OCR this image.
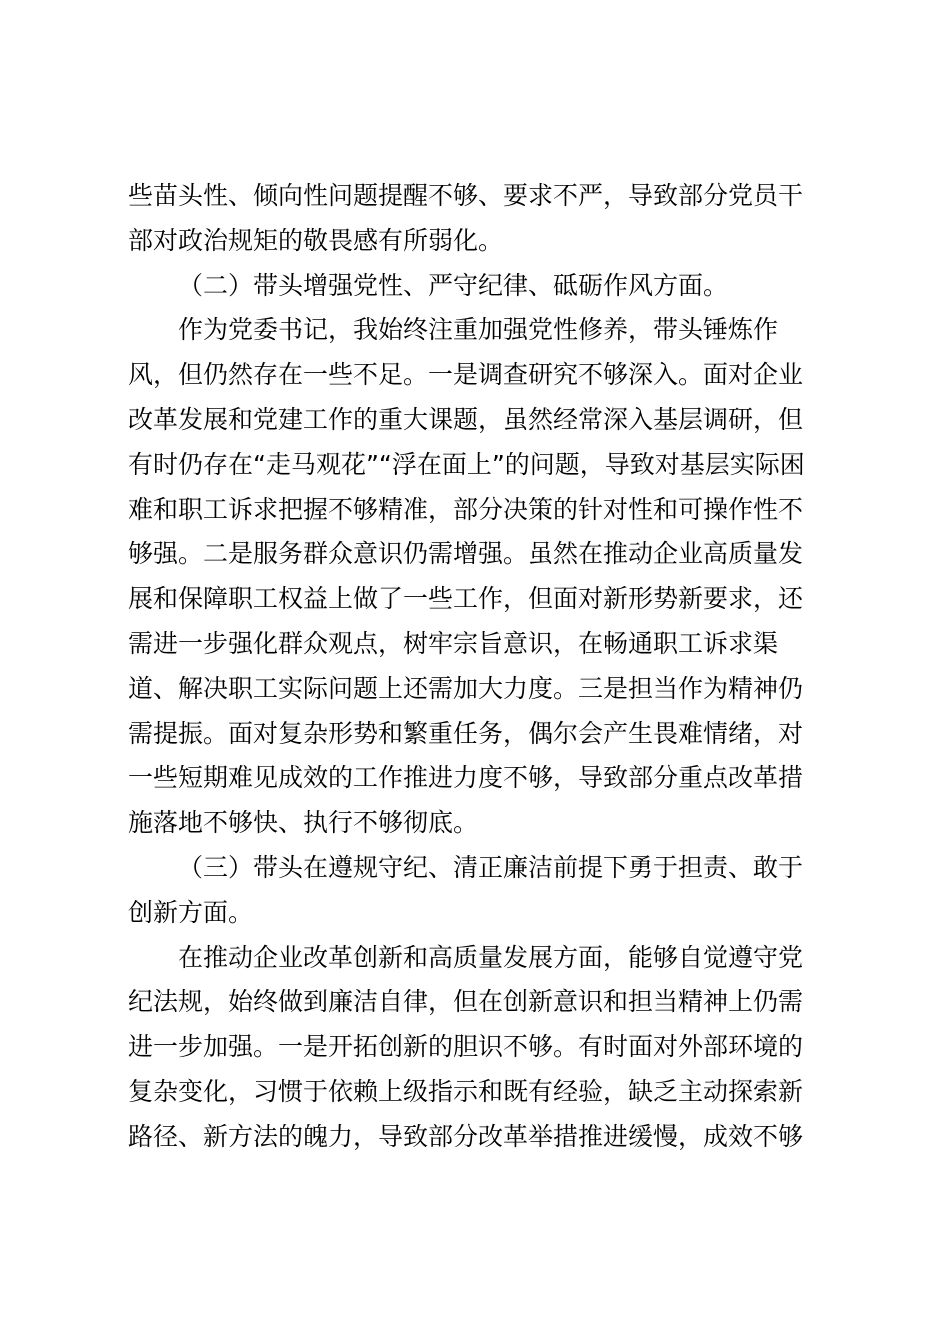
些苗头性、倾向性问题提醒不够、要求不严，导致部分党员干
部对政治规矩的敬畏感有所弱化。
（二）带头增强党性、严守纪律、砥砺作风方面。
作为党委书记，我始终注重加强党性修养，带头锤炼作
风，但仍然存在一些不足。一是调查研究不够深入。面对企业
改革发展和党建工作的重大课题，虽然经常深入基层调研，但
有时仍存在“走马观花”“浮在面上”的问题，导致对基层实际困
难和职工诉求把握不够精准，部分决策的针对性和可操作性不
够强。二是服务群众意识仍需增强。虽然在推动企业高质量发
展和保障职工权益上做了一些工作，但面对新形势新要求，还
需进一步强化群众观点，树牢宗旨意识，在畅通职工诉求渠
道、解决职工实际问题上还需加大力度。三是担当作为精神仍
需提振。面对复杂形势和繁重任务，偶尔会产生畏难情绪，对
一些短期难见成效的工作推进力度不够，导致部分重点改革措
施落地不够快、执行不够彻底。
（三）带头在遵规守纪、清正廉洁前提下勇于担责、敢于
创新方面。
在推动企业改革创新和高质量发展方面，能够自觉遵守党
纪法规，始终做到廉洁自律，但在创新意识和担当精神上仍需
进一步加强。一是开拓创新的胆识不够。有时面对外部环境的
复杂变化，习惯于依赖上级指示和既有经验，缺乏主动探索新
路径、新方法的魄力，导致部分改革举措推进缓慢，成效不够
